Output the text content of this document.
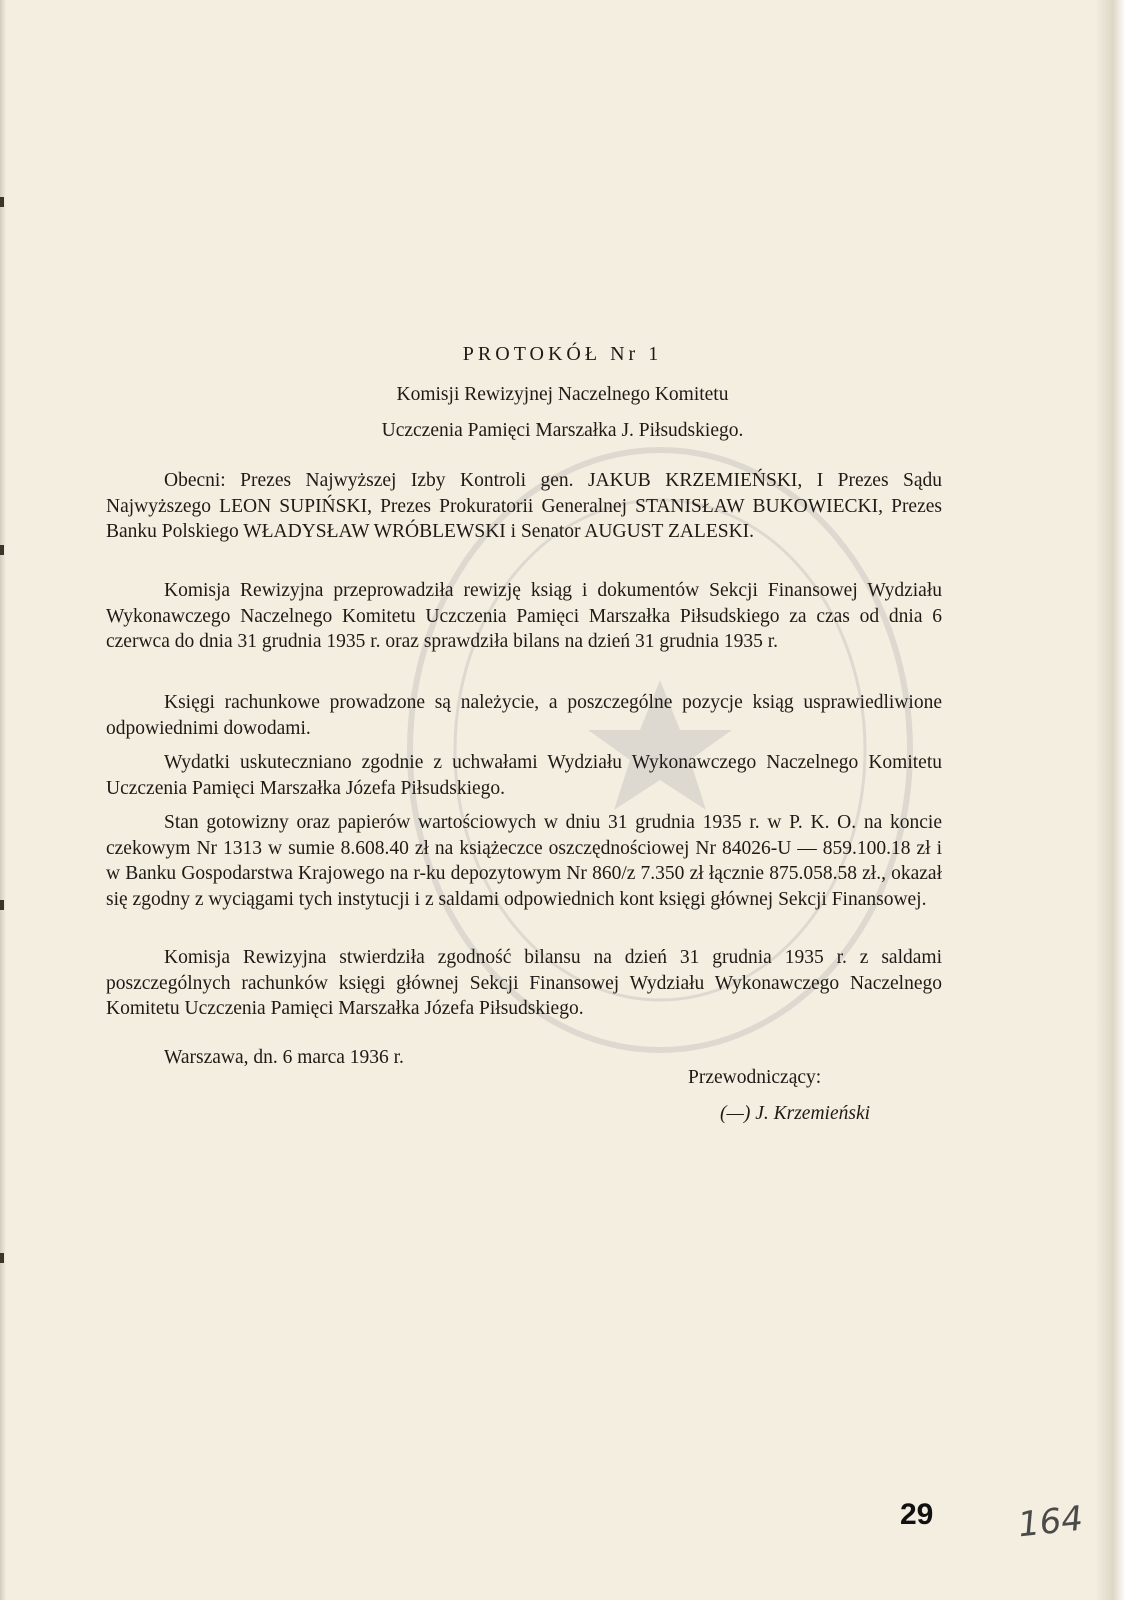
PROTOKÓŁ Nr 1
Komisji Rewizyjnej Naczelnego Komitetu
Uczczenia Pamięci Marszałka J. Piłsudskiego.

Obecni: Prezes Najwyższej Izby Kontroli gen. JAKUB KRZEMIEŃSKI, I Prezes Sądu Najwyższego LEON SUPIŃSKI, Prezes Prokuratorii Generalnej STANISŁAW BUKOWIECKI, Prezes Banku Polskiego WŁADYSŁAW WRÓBLEWSKI i Senator AUGUST ZALESKI.

Komisja Rewizyjna przeprowadziła rewizję ksiąg i dokumentów Sekcji Finansowej Wydziału Wykonawczego Naczelnego Komitetu Uczczenia Pamięci Marszałka Piłsudskiego za czas od dnia 6 czerwca do dnia 31 grudnia 1935 r. oraz sprawdziła bilans na dzień 31 grudnia 1935 r.

Księgi rachunkowe prowadzone są należycie, a poszczególne pozycje ksiąg usprawiedliwione odpowiednimi dowodami.

Wydatki uskuteczniano zgodnie z uchwałami Wydziału Wykonawczego Naczelnego Komitetu Uczczenia Pamięci Marszałka Józefa Piłsudskiego.

Stan gotowizny oraz papierów wartościowych w dniu 31 grudnia 1935 r. w P. K. O. na koncie czekowym Nr 1313 w sumie 8.608.40 zł na książeczce oszczędnościowej Nr 84026-U — 859.100.18 zł i w Banku Gospodarstwa Krajowego na r-ku depozytowym Nr 860/z 7.350 zł łącznie 875.058.58 zł., okazał się zgodny z wyciągami tych instytucji i z saldami odpowiednich kont księgi głównej Sekcji Finansowej.

Komisja Rewizyjna stwierdziła zgodność bilansu na dzień 31 grudnia 1935 r. z saldami poszczególnych rachunków księgi głównej Sekcji Finansowej Wydziału Wykonawczego Naczelnego Komitetu Uczczenia Pamięci Marszałka Józefa Piłsudskiego.

Warszawa, dn. 6 marca 1936 r.
Przewodniczący:
(—) J. Krzemieński
29 164
